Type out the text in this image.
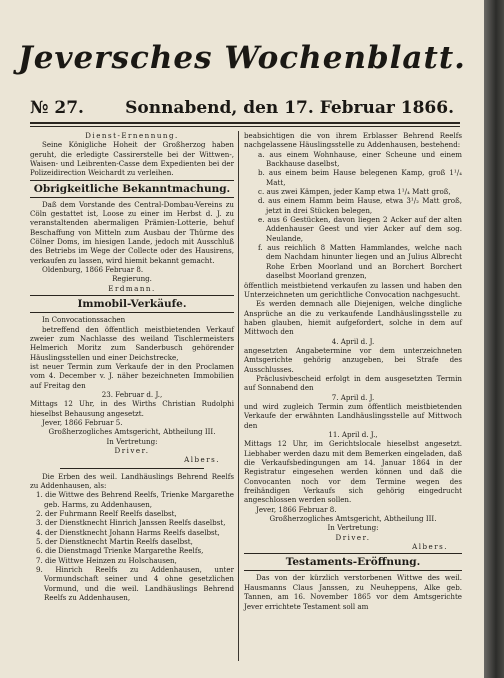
Jeversches Wochenblatt.
№ 27. Sonnabend, den 17. Februar 1866.

Dienst-Ernennung.

Seine Königliche Hoheit der Großherzog haben geruht, die erledigte Cassirerstelle bei der Wittwen-, Waisen- und Leibrenten-Casse dem Expedienten bei der Polizeidirection Weichardt zu verleihen.

Obrigkeitliche Bekanntmachung.

Daß dem Vorstande des Central-Dombau-Vereins zu Cöln gestattet ist, Loose zu einer im Herbst d. J. zu veranstaltenden abermaligen Prämien-Lotterie, behuf Beschaffung von Mitteln zum Ausbau der Thürme des Cölner Doms, im hiesigen Lande, jedoch mit Ausschluß des Betriebs im Wege der Collecte oder des Hausirens, verkaufen zu lassen, wird hiemit bekannt gemacht.

Oldenburg, 1866 Februar 8.

Regierung.

Erdmann.

Immobil-Verkäufe.

In Convocationssachen

betreffend den öffentlich meistbietenden Verkauf zweier zum Nachlasse des weiland Tischlermeisters Helmerich Moritz zum Sanderbusch gehörender Häuslingsstellen und einer Deichstrecke,

ist neuer Termin zum Verkaufe der in den Proclamen vom 4. December v. J. näher bezeichneten Immobilien auf Freitag den

23. Februar d. J.,

Mittags 12 Uhr, in des Wirths Christian Rudolphi hieselbst Behausung angesetzt.

Jever, 1866 Februar 5.

Großherzogliches Amtsgericht, Abtheilung III.

In Vertretung:

Driver.

Albers.

Die Erben des weil. Landhäuslings Behrend Reelfs zu Addenhausen, als:

1. die Wittwe des Behrend Reelfs, Trienke Margarethe geb. Harms, zu Addenhausen,

2. der Fuhrmann Reelf Reelfs daselbst,

3. der Dienstknecht Hinrich Janssen Reelfs daselbst,

4. der Dienstknecht Johann Harms Reelfs daselbst,

5. der Dienstknecht Martin Reelfs daselbst,

6. die Dienstmagd Trienke Margarethe Reelfs,

7. die Wittwe Heinzen zu Holschausen,

9. Hinrich Reelfs zu Addenhausen, unter Vormundschaft seiner und 4 ohne gesetzlichen Vormund, und die weil. Landhäuslings Behrend Reelfs zu Addenhausen,

beabsichtigen die von ihrem Erblasser Behrend Reelfs nachgelassene Häuslingsstelle zu Addenhausen, bestehend:

a. aus einem Wohnhause, einer Scheune und einem Backhause daselbst,

b. aus einem beim Hause belegenen Kamp, groß 1¹/₄ Matt,

c. aus zwei Kämpen, jeder Kamp etwa 1¹/₄ Matt groß,

d. aus einem Hamm beim Hause, etwa 3¹/₂ Matt groß, jetzt in drei Stücken belegen,

e. aus 6 Gestücken, davon liegen 2 Acker auf der alten Addenhauser Geest und vier Acker auf dem sog. Neulande,

f. aus reichlich 8 Matten Hammlandes, welche nach dem Nachdam hinunter liegen und an Julius Albrecht Rohe Erben Moorland und an Borchert Borchert daselbst Moorland grenzen,

öffentlich meistbietend verkaufen zu lassen und haben den Unterzeichneten um gerichtliche Convocation nachgesucht.

Es werden demnach alle Diejenigen, welche dingliche Ansprüche an die zu verkaufende Landhäuslingsstelle zu haben glauben, hiemit aufgefordert, solche in dem auf Mittwoch den

4. April d. J.

angesetzten Angabetermine vor dem unterzeichneten Amtsgerichte gehörig anzugeben, bei Strafe des Ausschlusses.

Präclusivbescheid erfolgt in dem ausgesetzten Termin auf Sonnabend den

7. April d. J.

und wird zugleich Termin zum öffentlich meistbietenden Verkaufe der erwähnten Landhäuslingsstelle auf Mittwoch den

11. April d. J.,

Mittags 12 Uhr, im Gerichtslocale hieselbst angesetzt. Liebhaber werden dazu mit dem Bemerken eingeladen, daß die Verkaufsbedingungen am 14. Januar 1864 in der Registratur eingesehen werden können und daß die Convocanten noch vor dem Termine wegen des freihändigen Verkaufs sich gehörig eingedrucht angeschlossen werden sollen.

Jever, 1866 Februar 8.

Großherzogliches Amtsgericht, Abtheilung III.

In Vertretung:

Driver.

Albers.

Testaments-Eröffnung.

Das von der kürzlich verstorbenen Wittwe des weil. Hausmanns Claus Janssen, zu Neuheppens, Alke geb. Tannen, am 16. November 1865 vor dem Amtsgerichte Jever errichtete Testament soll am
